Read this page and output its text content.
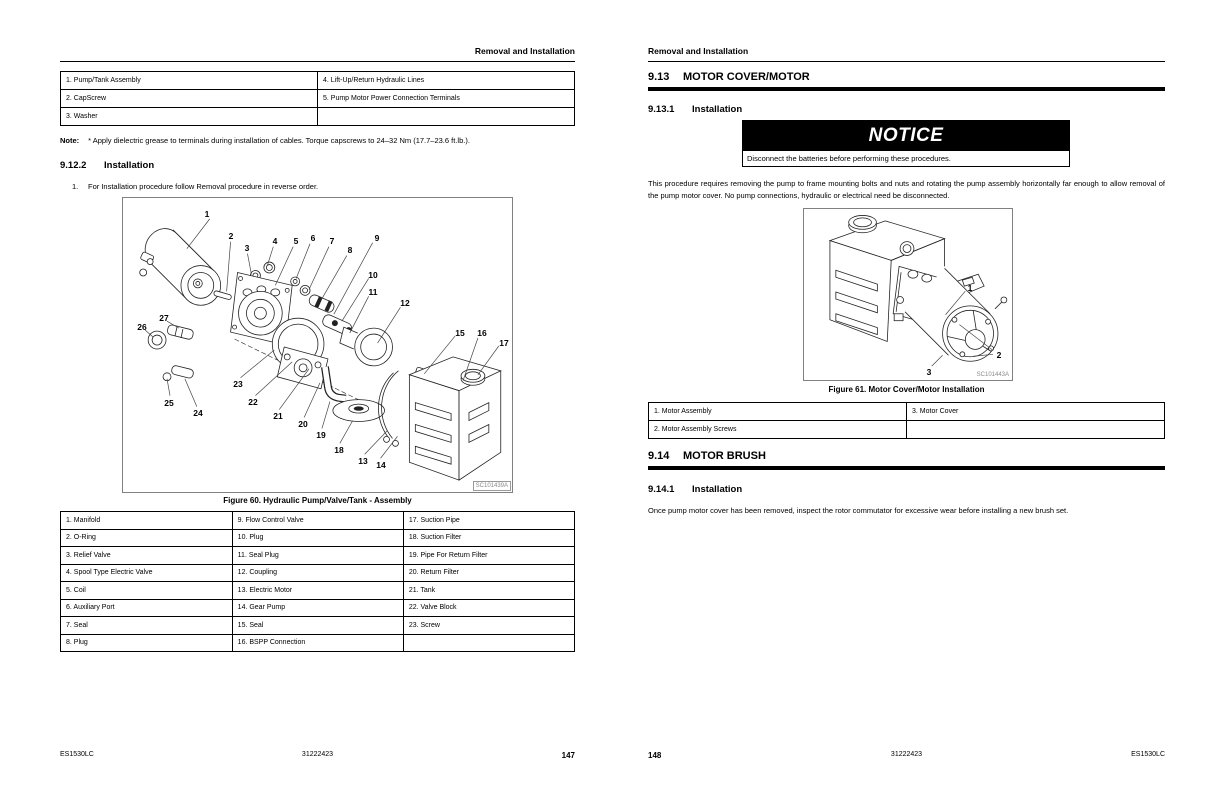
Removal and Installation
1. Pump/Tank Assembly	4. Lift-Up/Return Hydraulic Lines
2. CapScrew	5. Pump Motor Power Connection Terminals
3. Washer	
Note: * Apply dielectric grease to terminals during installation of cables. Torque capscrews to 24–32 Nm (17.7–23.6 ft.lb.).
9.12.2	Installation
1.	For Installation procedure follow Removal procedure in reverse order.
1
2
3
4 5 6 7
8
9
10
11
12
13 14
15 16
17
18
19
20
21
22
23
24
25
26
27
SC101439A
Figure 60. Hydraulic Pump/Valve/Tank - Assembly
1. Manifold	9. Flow Control Valve	17. Suction Pipe
2. O-Ring	10. Plug	18. Suction Filter
3. Relief Valve	11. Seal Plug	19. Pipe For Return Filter
4. Spool Type Electric Valve	12. Coupling	20. Return Filter
5. Coil	13. Electric Motor	21. Tank
6. Auxiliary Port	14. Gear Pump	22. Valve Block
7. Seal	15. Seal	23. Screw
8. Plug	16. BSPP Connection	
ES1530LC	31222423	147
Removal and Installation
9.13	MOTOR COVER/MOTOR
9.13.1	Installation
NOTICE
Disconnect the batteries before performing these procedures.
This procedure requires removing the pump to frame mounting bolts and nuts and rotating the pump assembly horizontally far enough to allow removal of the pump motor cover. No pump connections, hydraulic or electrical need be disconnected.
1
2
3	SC101443A
Figure 61. Motor Cover/Motor Installation
1. Motor Assembly	3. Motor Cover
2. Motor Assembly Screws	
9.14	MOTOR BRUSH
9.14.1	Installation
Once pump motor cover has been removed, inspect the rotor commutator for excessive wear before installing a new brush set.
148	31222423	ES1530LC
